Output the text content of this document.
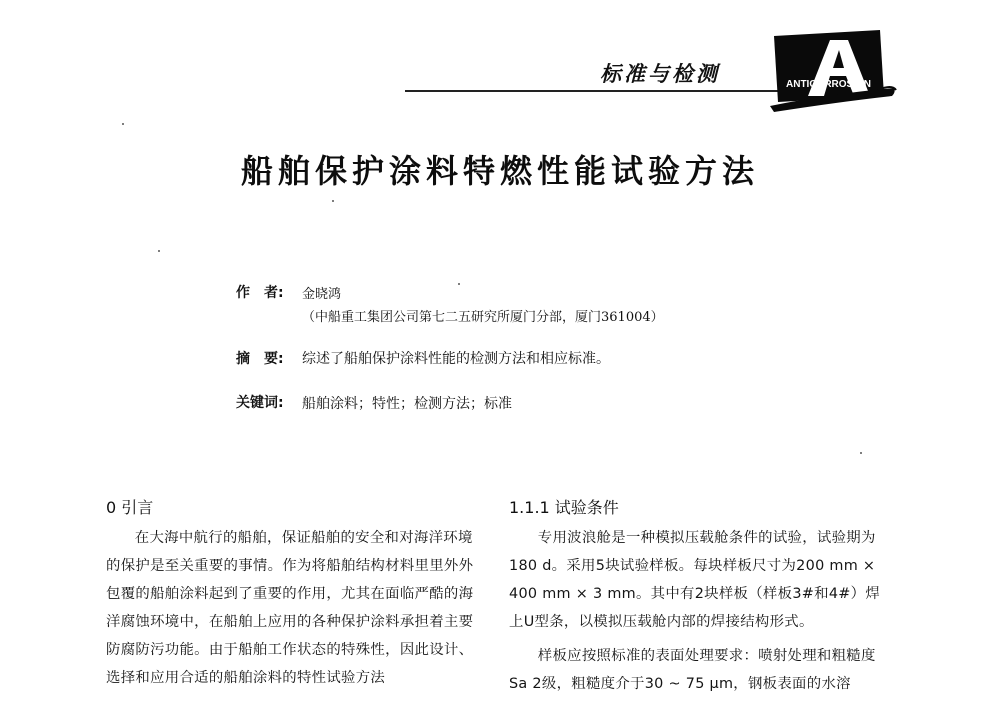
标准与检测	ANTICORROSION
船舶保护涂料特燃性能试验方法
作　者: 金晓鸿
（中船重工集团公司第七二五研究所厦门分部，厦门361004）
摘　要: 综述了船舶保护涂料性能的检测方法和相应标准。
关键词: 船舶涂料；特性；检测方法；标准
0 引言

在大海中航行的船舶，保证船舶的安全和对海洋环境的保护是至关重要的事情。作为将船舶结构材料里里外外包覆的船舶涂料起到了重要的作用，尤其在面临严酷的海洋腐蚀环境中，在船舶上应用的各种保护涂料承担着主要防腐防污功能。由于船舶工作状态的特殊性，因此设计、选择和应用合适的船舶涂料的特性试验方法

1.1.1 试验条件

专用波浪舱是一种模拟压载舱条件的试验，试验期为180 d。采用5块试验样板。每块样板尺寸为200 mm × 400 mm × 3 mm。其中有2块样板（样板3#和4#）焊上U型条，以模拟压载舱内部的焊接结构形式。

样板应按照标准的表面处理要求：喷射处理和粗糙度Sa 2级，粗糙度介于30 ~ 75 μm，钢板表面的水溶
